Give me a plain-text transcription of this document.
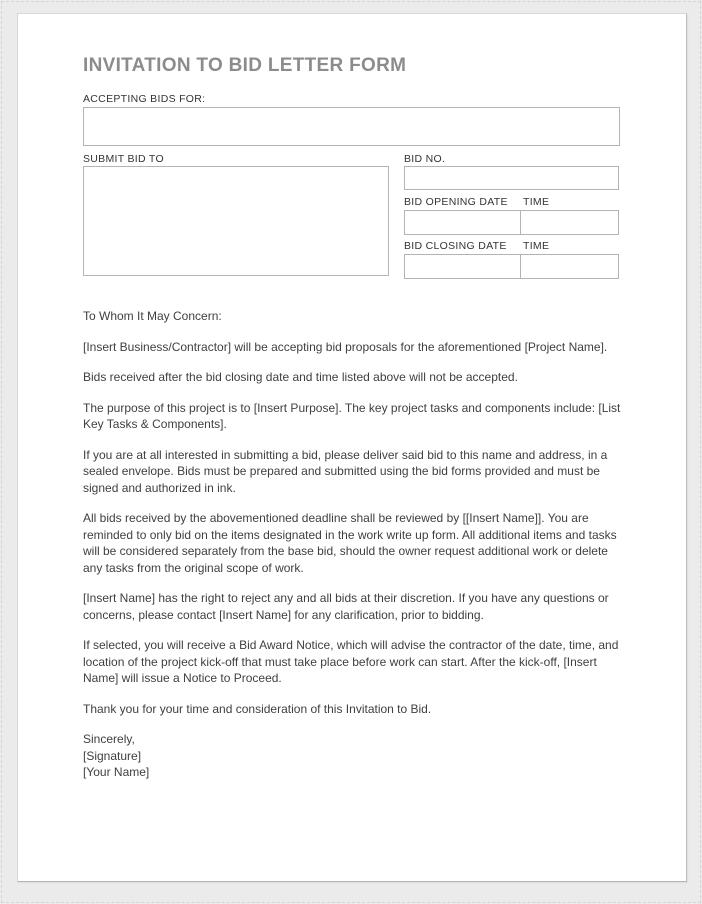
INVITATION TO BID LETTER FORM
ACCEPTING BIDS FOR:
SUBMIT BID TO	BID NO.
BID OPENING DATE TIME
BID CLOSING DATE TIME

To Whom It May Concern:

[Insert Business/Contractor] will be accepting bid proposals for the aforementioned [Project Name].

Bids received after the bid closing date and time listed above will not be accepted.

The purpose of this project is to [Insert Purpose]. The key project tasks and components include: [List Key Tasks & Components].

If you are at all interested in submitting a bid, please deliver said bid to this name and address, in a sealed envelope. Bids must be prepared and submitted using the bid forms provided and must be signed and authorized in ink.

All bids received by the abovementioned deadline shall be reviewed by [[Insert Name]]. You are reminded to only bid on the items designated in the work write up form. All additional items and tasks will be considered separately from the base bid, should the owner request additional work or delete any tasks from the original scope of work.

[Insert Name] has the right to reject any and all bids at their discretion. If you have any questions or concerns, please contact [Insert Name] for any clarification, prior to bidding.

If selected, you will receive a Bid Award Notice, which will advise the contractor of the date, time, and location of the project kick-off that must take place before work can start. After the kick-off, [Insert Name] will issue a Notice to Proceed.

Thank you for your time and consideration of this Invitation to Bid.

Sincerely,
[Signature]
[Your Name]
